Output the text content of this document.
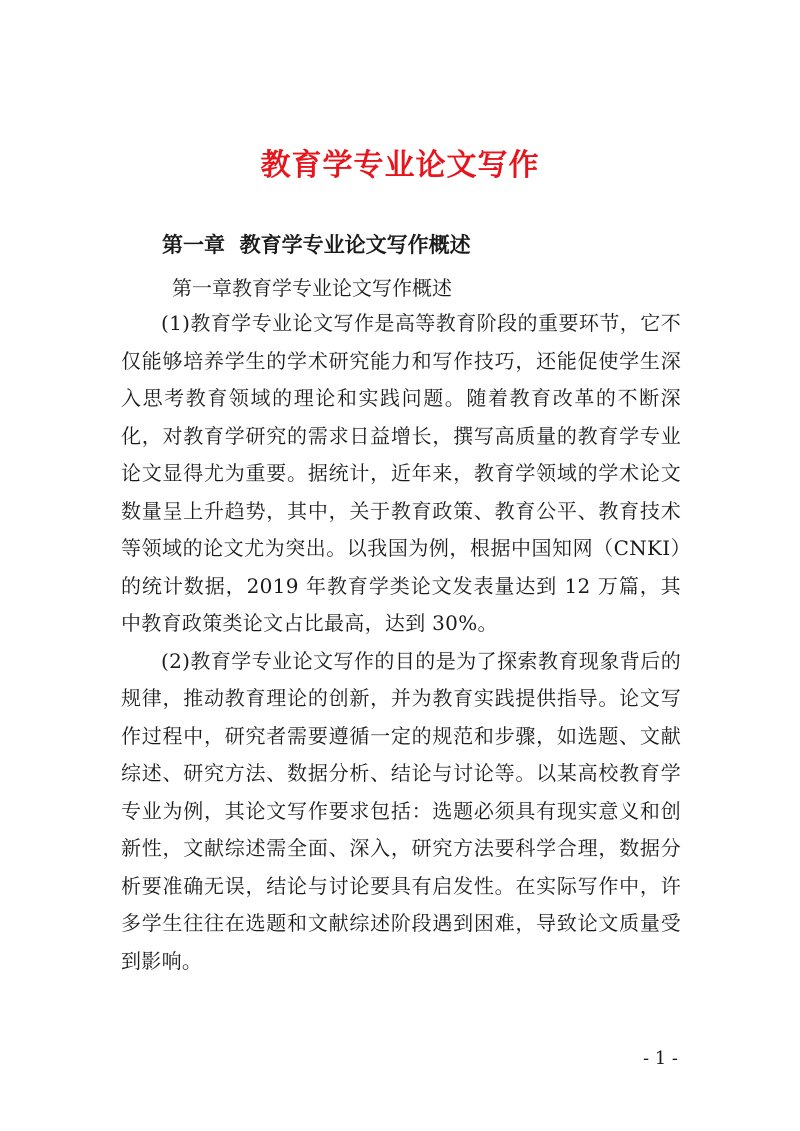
教育学专业论文写作
第一章  教育学专业论文写作概述
第一章教育学专业论文写作概述

(1)教育学专业论文写作是高等教育阶段的重要环节，它不仅能够培养学生的学术研究能力和写作技巧，还能促使学生深入思考教育领域的理论和实践问题。随着教育改革的不断深化，对教育学研究的需求日益增长，撰写高质量的教育学专业论文显得尤为重要。据统计，近年来，教育学领域的学术论文数量呈上升趋势，其中，关于教育政策、教育公平、教育技术等领域的论文尤为突出。以我国为例，根据中国知网（CNKI）的统计数据，2019 年教育学类论文发表量达到 12 万篇，其中教育政策类论文占比最高，达到 30%。

(2)教育学专业论文写作的目的是为了探索教育现象背后的规律，推动教育理论的创新，并为教育实践提供指导。论文写作过程中，研究者需要遵循一定的规范和步骤，如选题、文献综述、研究方法、数据分析、结论与讨论等。以某高校教育学专业为例，其论文写作要求包括：选题必须具有现实意义和创新性，文献综述需全面、深入，研究方法要科学合理，数据分析要准确无误，结论与讨论要具有启发性。在实际写作中，许多学生往往在选题和文献综述阶段遇到困难，导致论文质量受到影响。

- 1 -
